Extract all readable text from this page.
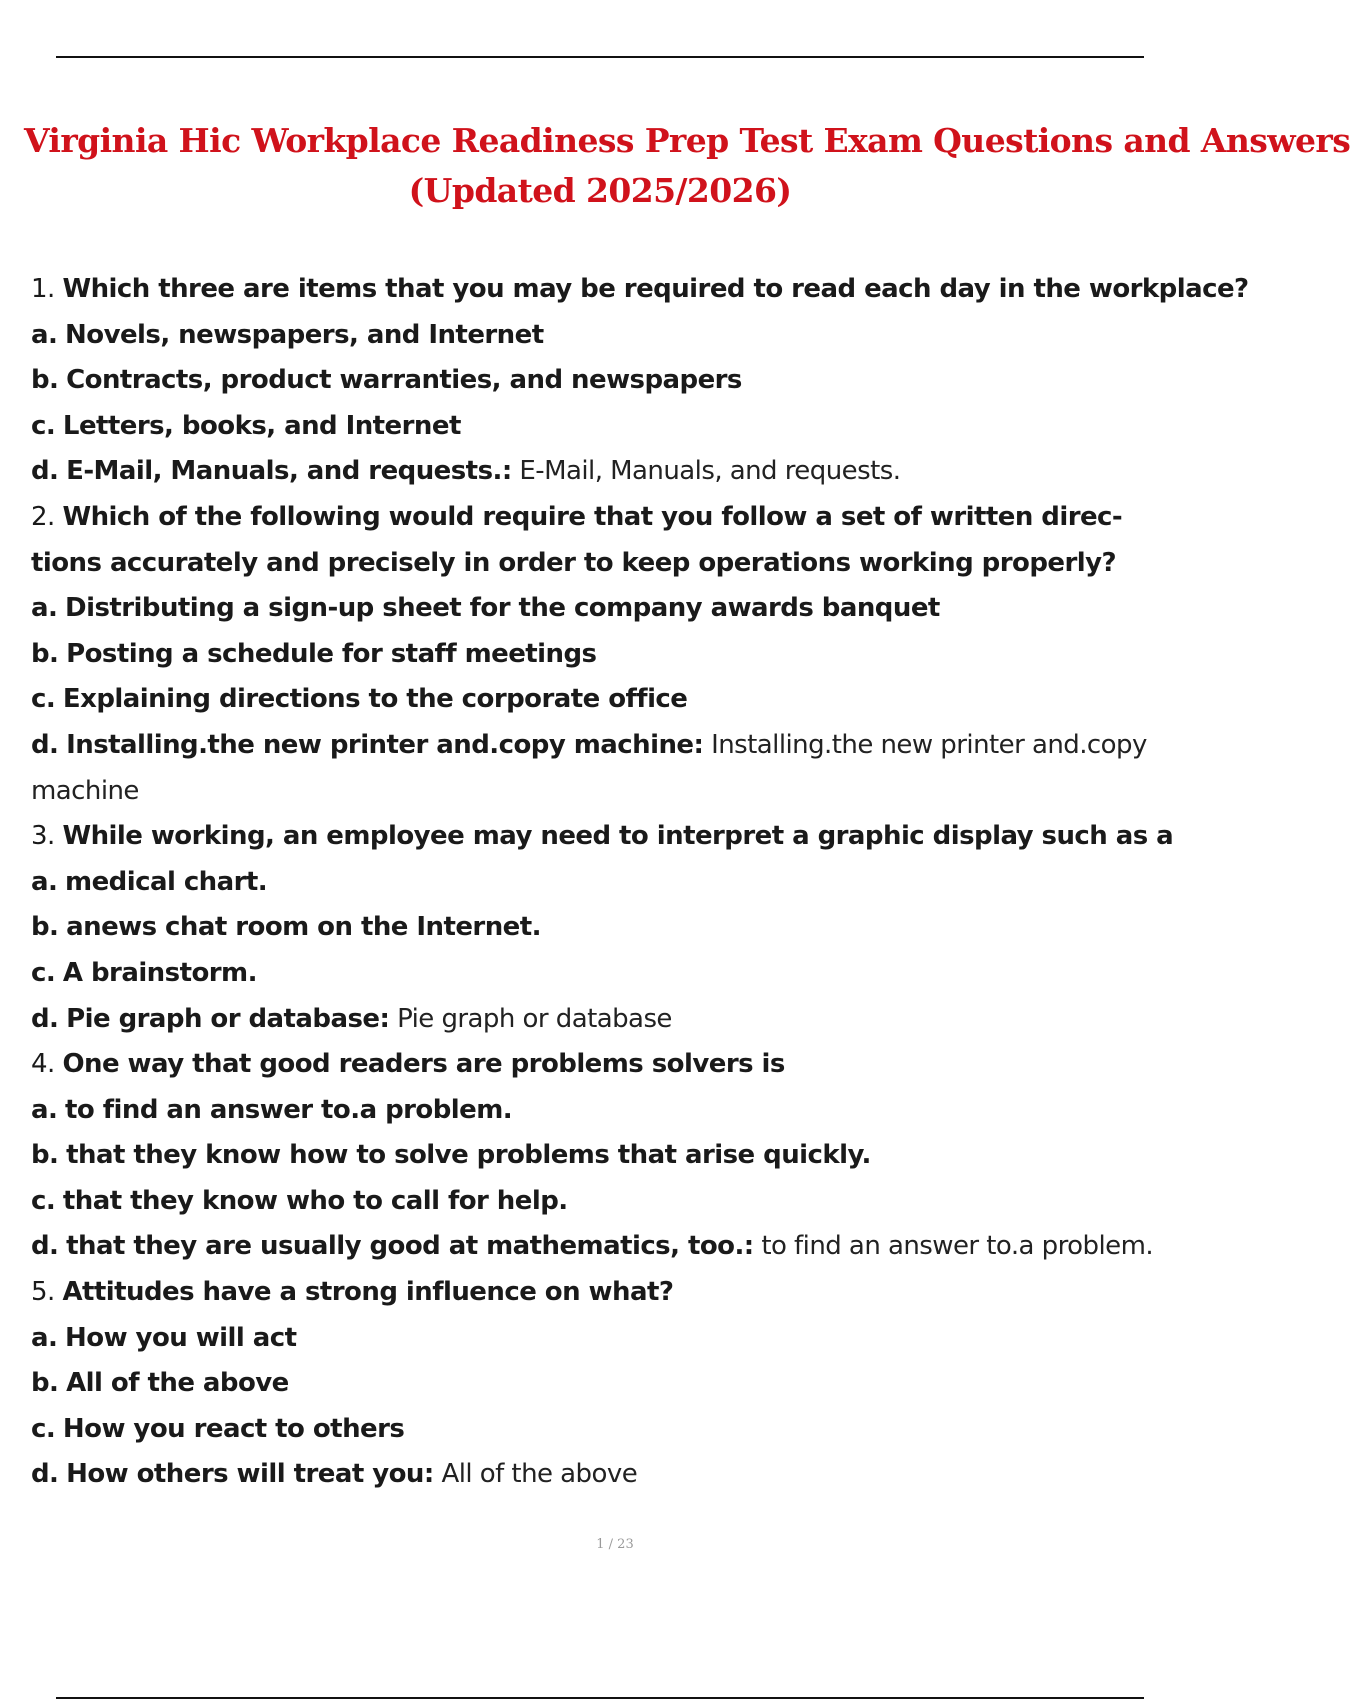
Virginia Hic Workplace Readiness Prep Test Exam Questions and Answers
(Updated 2025/2026)
1. Which three are items that you may be required to read each day in the workplace?
a. Novels, newspapers, and Internet
b. Contracts, product warranties, and newspapers
c. Letters, books, and Internet
d. E-Mail, Manuals, and requests.: E-Mail, Manuals, and requests.
2. Which of the following would require that you follow a set of written direc- tions accurately and precisely in order to keep operations working properly?
a. Distributing a sign-up sheet for the company awards banquet
b. Posting a schedule for staff meetings
c. Explaining directions to the corporate office
d. Installing.the new printer and.copy machine: Installing.the new printer and.copy machine
3. While working, an employee may need to interpret a graphic display such as a
a. medical chart.
b. anews chat room on the Internet.
c. A brainstorm.
d. Pie graph or database: Pie graph or database
4. One way that good readers are problems solvers is
a. to find an answer to.a problem.
b. that they know how to solve problems that arise quickly.
c. that they know who to call for help.
d. that they are usually good at mathematics, too.: to find an answer to.a problem.
5. Attitudes have a strong influence on what?
a. How you will act
b. All of the above
c. How you react to others
d. How others will treat you: All of the above
1 / 23
